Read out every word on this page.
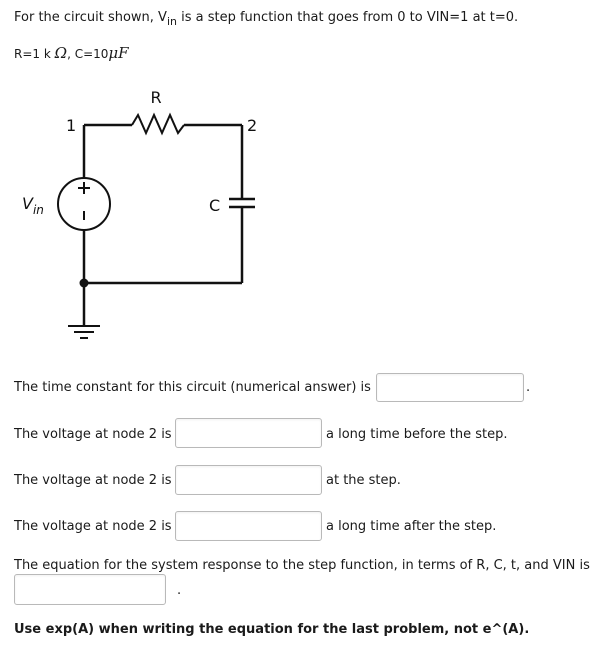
For the circuit shown, $V_{in}$ is a step function that goes from 0 to VIN=1 at t=0.
R=1 k Ω, C=10μF
R
1	2
C
$V_{in}$
The time constant for this circuit (numerical answer) is	.
The voltage at node 2 is	a long time before the step.
The voltage at node 2 is	at the step.
The voltage at node 2 is	a long time after the step.
The equation for the system response to the step function, in terms of R, C, t, and VIN is
.
Use exp(A) when writing the equation for the last problem, not e^(A).
